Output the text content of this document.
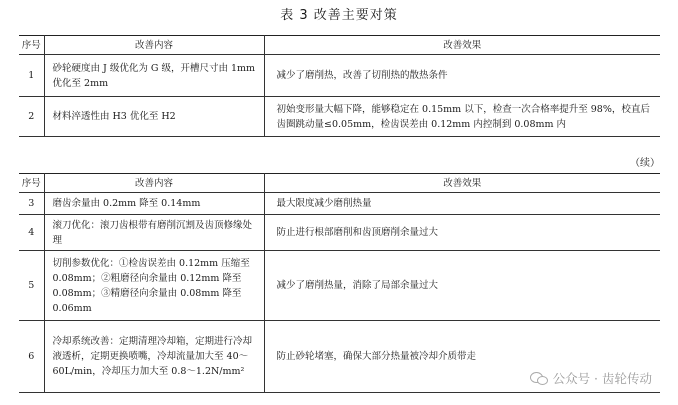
表 3 改善主要对策
序号	改善内容	改善效果
1	砂轮硬度由 J 级优化为 G 级，开槽尺寸由 1mm 优化至 2mm	减少了磨削热，改善了切削热的散热条件
2	材料淬透性由 H3 优化至 H2	初始变形量大幅下降，能够稳定在 0.15mm 以下，检查一次合格率提升至 98%，校直后齿圈跳动量≤0.05mm，检齿误差由 0.12mm 内控制到 0.08mm 内
（续）
序号	改善内容	改善效果
3	磨齿余量由 0.2mm 降至 0.14mm	最大限度减少磨削热量
4	滚刀优化：滚刀齿根带有磨削沉割及齿顶修缘处理	防止进行根部磨削和齿顶磨削余量过大
5	切削参数优化：①检齿误差由 0.12mm 压缩至 0.08mm；②粗磨径向余量由 0.12mm 降至 0.08mm；③精磨径向余量由 0.08mm 降至 0.06mm	减少了磨削热量，消除了局部余量过大
6	冷却系统改善：定期清理冷却箱，定期进行冷却液透析，定期更换喷嘴，冷却流量加大至 40～60L/min，冷却压力加大至 0.8～1.2N/mm²	防止砂轮堵塞，确保大部分热量被冷却介质带走
公众号 · 齿轮传动
